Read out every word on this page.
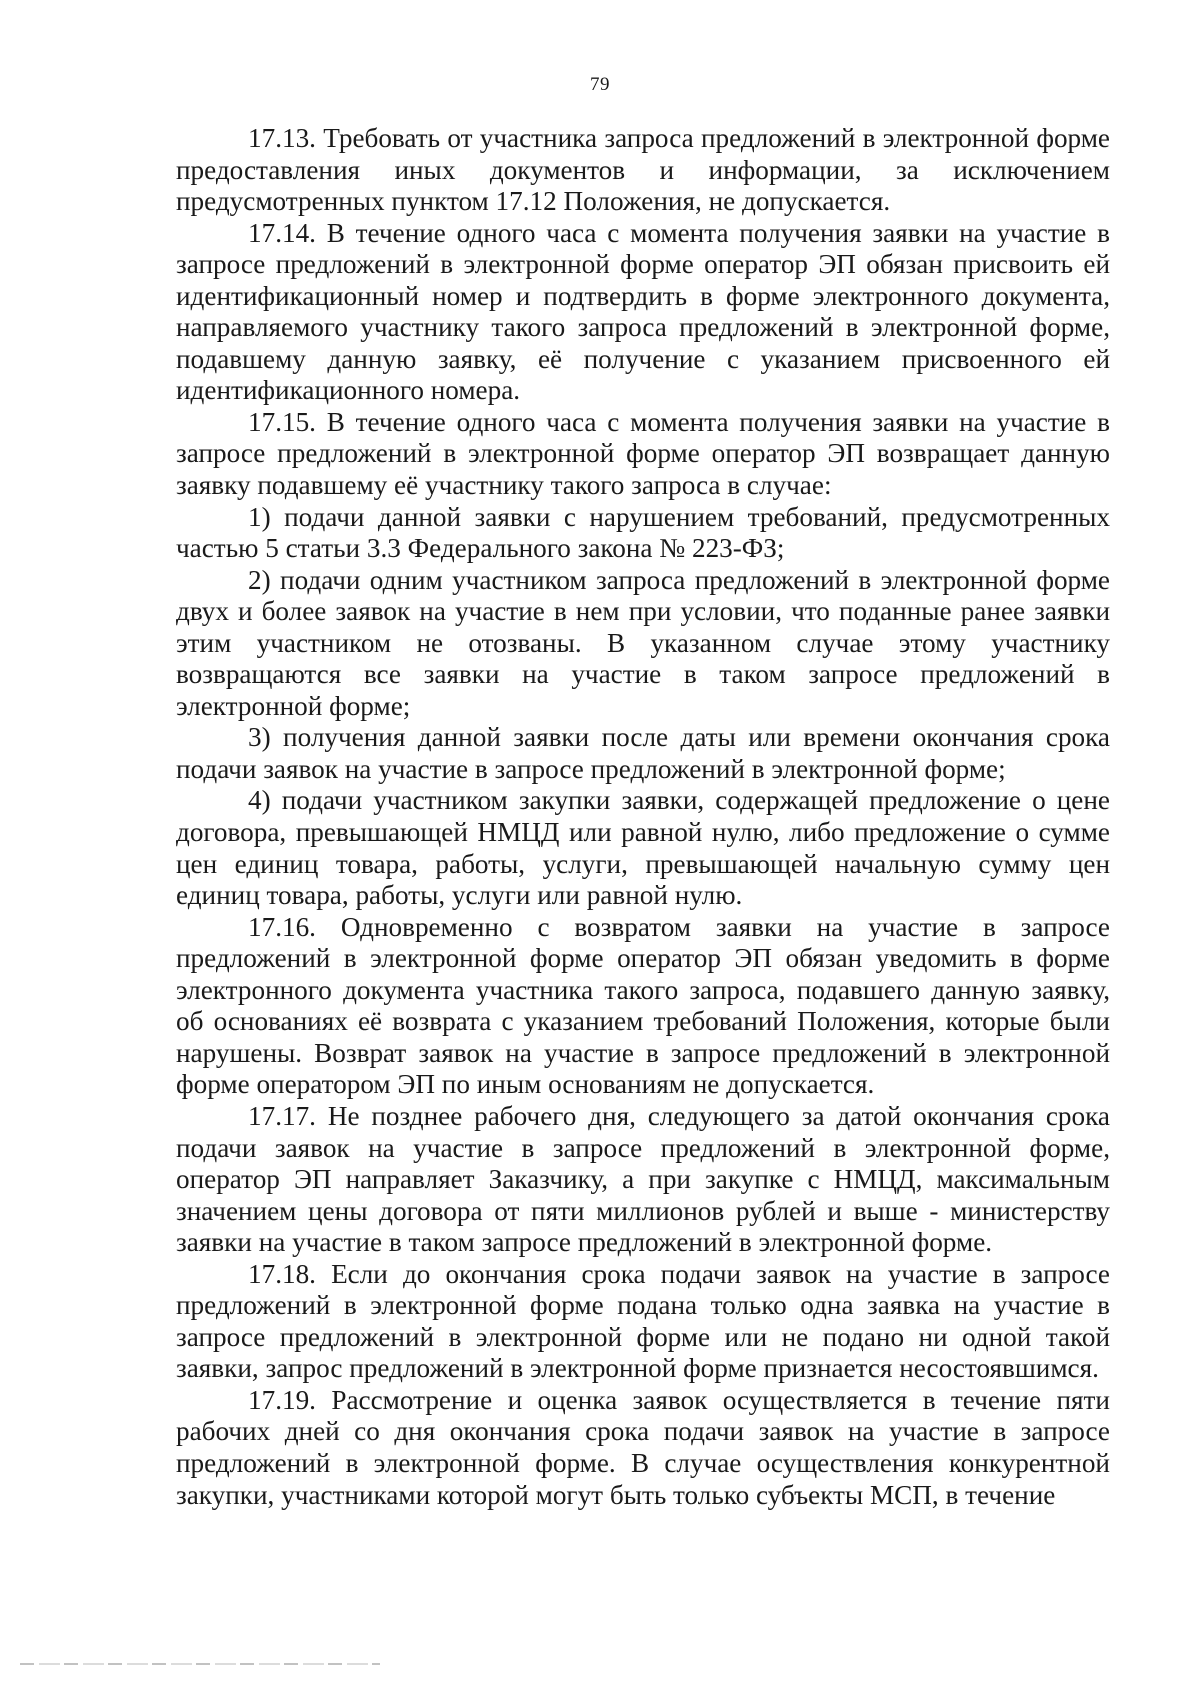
79

17.13. Требовать от участника запроса предложений в электронной форме предоставления иных документов и информации, за исключением предусмотренных пунктом 17.12 Положения, не допускается.

17.14. В течение одного часа с момента получения заявки на участие в запросе предложений в электронной форме оператор ЭП обязан присвоить ей идентификационный номер и подтвердить в форме электронного документа, направляемого участнику такого запроса предложений в электронной форме, подавшему данную заявку, её получение с указанием присвоенного ей идентификационного номера.

17.15. В течение одного часа с момента получения заявки на участие в запросе предложений в электронной форме оператор ЭП возвращает данную заявку подавшему её участнику такого запроса в случае:

1) подачи данной заявки с нарушением требований, предусмотренных частью 5 статьи 3.3 Федерального закона № 223-ФЗ;

2) подачи одним участником запроса предложений в электронной форме двух и более заявок на участие в нем при условии, что поданные ранее заявки этим участником не отозваны. В указанном случае этому участнику возвращаются все заявки на участие в таком запросе предложений в электронной форме;

3) получения данной заявки после даты или времени окончания срока подачи заявок на участие в запросе предложений в электронной форме;

4) подачи участником закупки заявки, содержащей предложение о цене договора, превышающей НМЦД или равной нулю, либо предложение о сумме цен единиц товара, работы, услуги, превышающей начальную сумму цен единиц товара, работы, услуги или равной нулю.

17.16. Одновременно с возвратом заявки на участие в запросе предложений в электронной форме оператор ЭП обязан уведомить в форме электронного документа участника такого запроса, подавшего данную заявку, об основаниях её возврата с указанием требований Положения, которые были нарушены. Возврат заявок на участие в запросе предложений в электронной форме оператором ЭП по иным основаниям не допускается.

17.17. Не позднее рабочего дня, следующего за датой окончания срока подачи заявок на участие в запросе предложений в электронной форме, оператор ЭП направляет Заказчику, а при закупке с НМЦД, максимальным значением цены договора от пяти миллионов рублей и выше - министерству заявки на участие в таком запросе предложений в электронной форме.

17.18. Если до окончания срока подачи заявок на участие в запросе предложений в электронной форме подана только одна заявка на участие в запросе предложений в электронной форме или не подано ни одной такой заявки, запрос предложений в электронной форме признается несостоявшимся.

17.19. Рассмотрение и оценка заявок осуществляется в течение пяти рабочих дней со дня окончания срока подачи заявок на участие в запросе предложений в электронной форме. В случае осуществления конкурентной закупки, участниками которой могут быть только субъекты МСП, в течение
